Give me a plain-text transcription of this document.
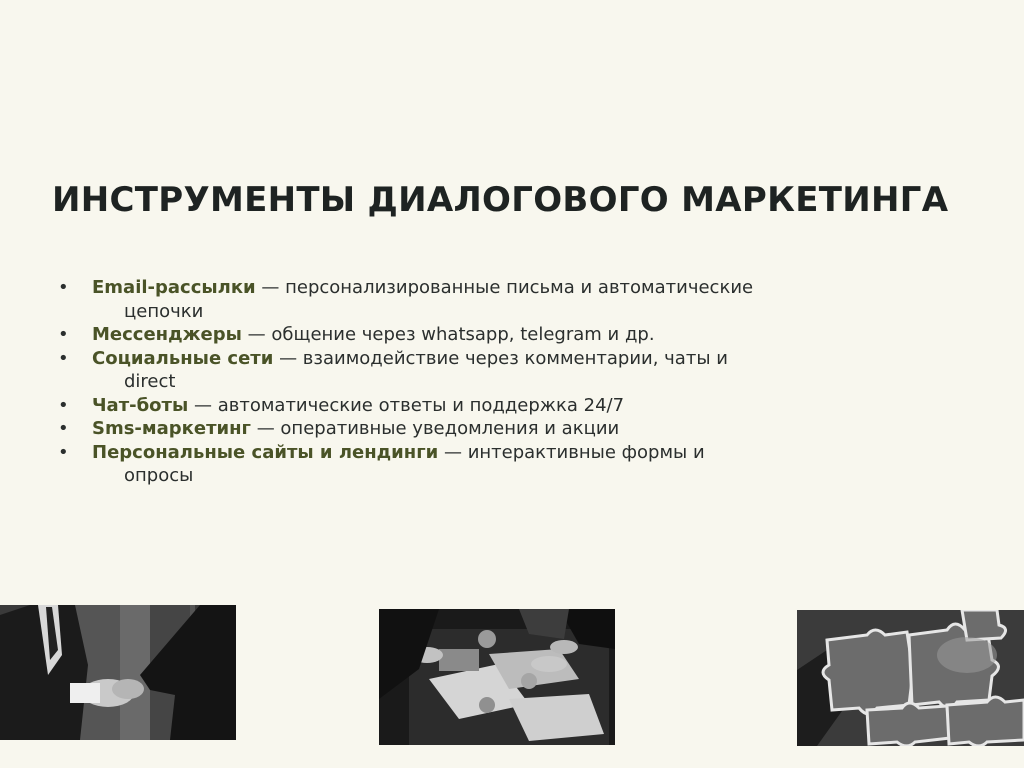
ИНСТРУМЕНТЫ ДИАЛОГОВОГО МАРКЕТИНГА
• Email-рассылки — персонализированные письма и автоматические цепочки
• Мессенджеры — общение через whatsapp, telegram и др.
• Социальные сети — взаимодействие через комментарии, чаты и direct
• Чат-боты — автоматические ответы и поддержка 24/7
• Sms-маркетинг — оперативные уведомления и акции
• Персональные сайты и лендинги — интерактивные формы и опросы
